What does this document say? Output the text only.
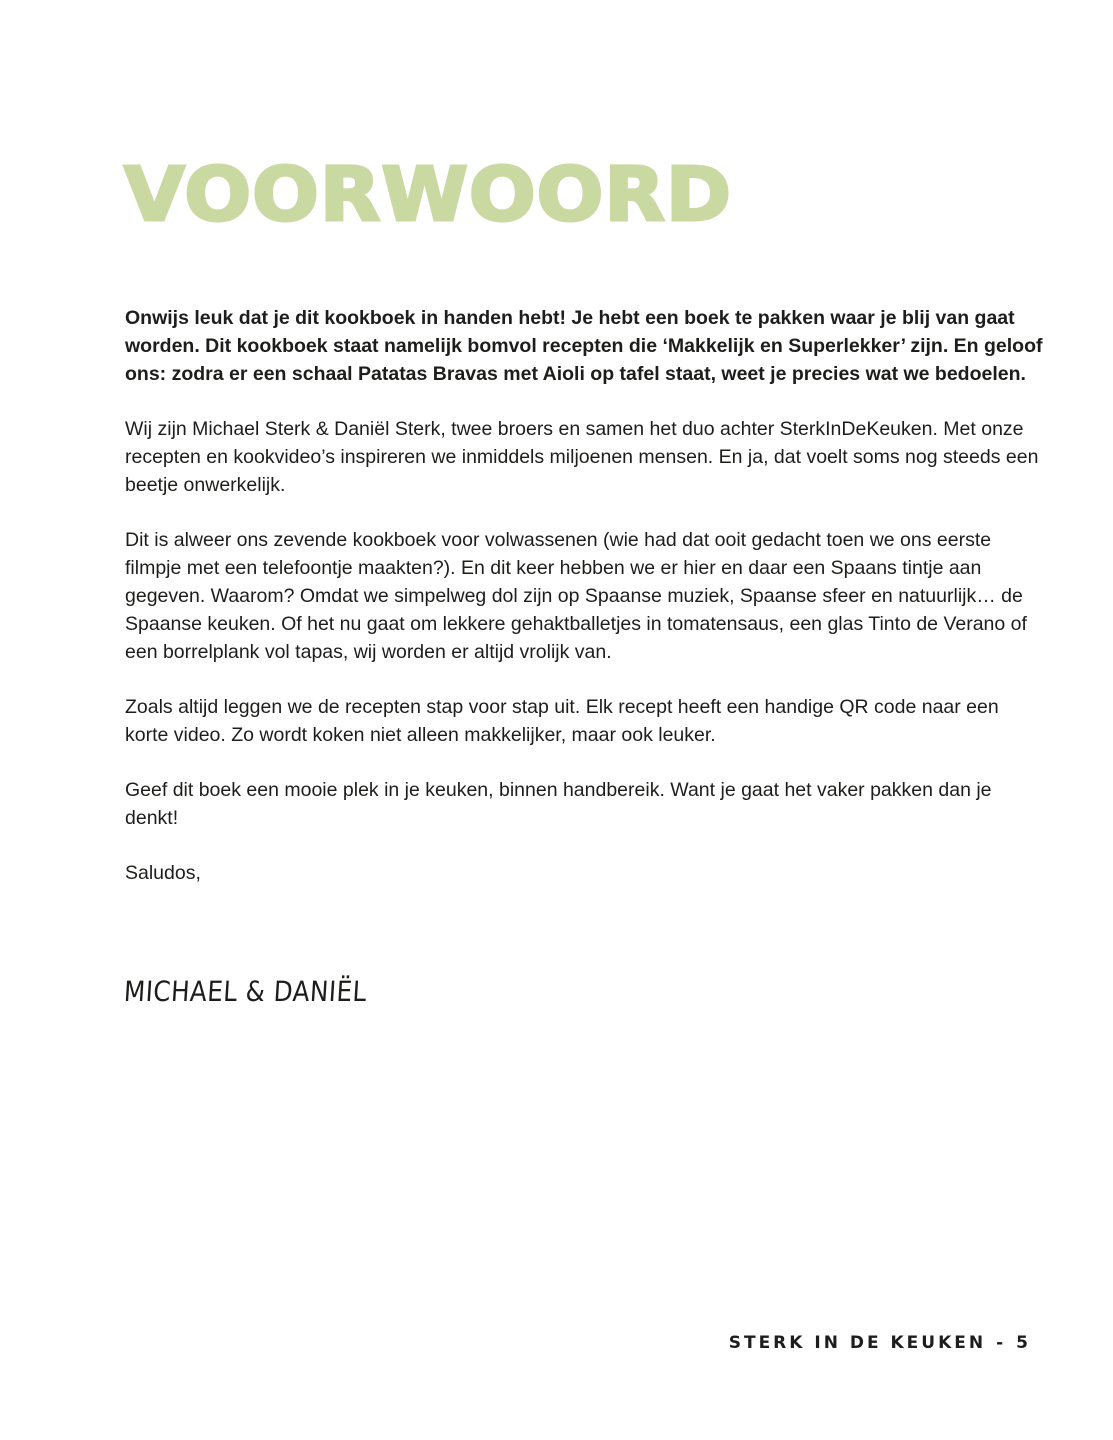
VOORWOORD

Onwijs leuk dat je dit kookboek in handen hebt! Je hebt een boek te pakken waar je blij van gaat worden. Dit kookboek staat namelijk bomvol recepten die ‘Makkelijk en Superlekker’ zijn. En geloof ons: zodra er een schaal Patatas Bravas met Aioli op tafel staat, weet je precies wat we bedoelen.

Wij zijn Michael Sterk & Daniël Sterk, twee broers en samen het duo achter SterkInDeKeuken. Met onze recepten en kookvideo’s inspireren we inmiddels miljoenen mensen. En ja, dat voelt soms nog steeds een beetje onwerkelijk.

Dit is alweer ons zevende kookboek voor volwassenen (wie had dat ooit gedacht toen we ons eerste filmpje met een telefoontje maakten?). En dit keer hebben we er hier en daar een Spaans tintje aan gegeven. Waarom? Omdat we simpelweg dol zijn op Spaanse muziek, Spaanse sfeer en natuurlijk… de Spaanse keuken. Of het nu gaat om lekkere gehaktballetjes in tomatensaus, een glas Tinto de Verano of een borrelplank vol tapas, wij worden er altijd vrolijk van.

Zoals altijd leggen we de recepten stap voor stap uit. Elk recept heeft een handige QR code naar een korte video. Zo wordt koken niet alleen makkelijker, maar ook leuker.

Geef dit boek een mooie plek in je keuken, binnen handbereik. Want je gaat het vaker pakken dan je denkt!

Saludos,

MICHAEL & DANIËL
STERK IN DE KEUKEN - 5
